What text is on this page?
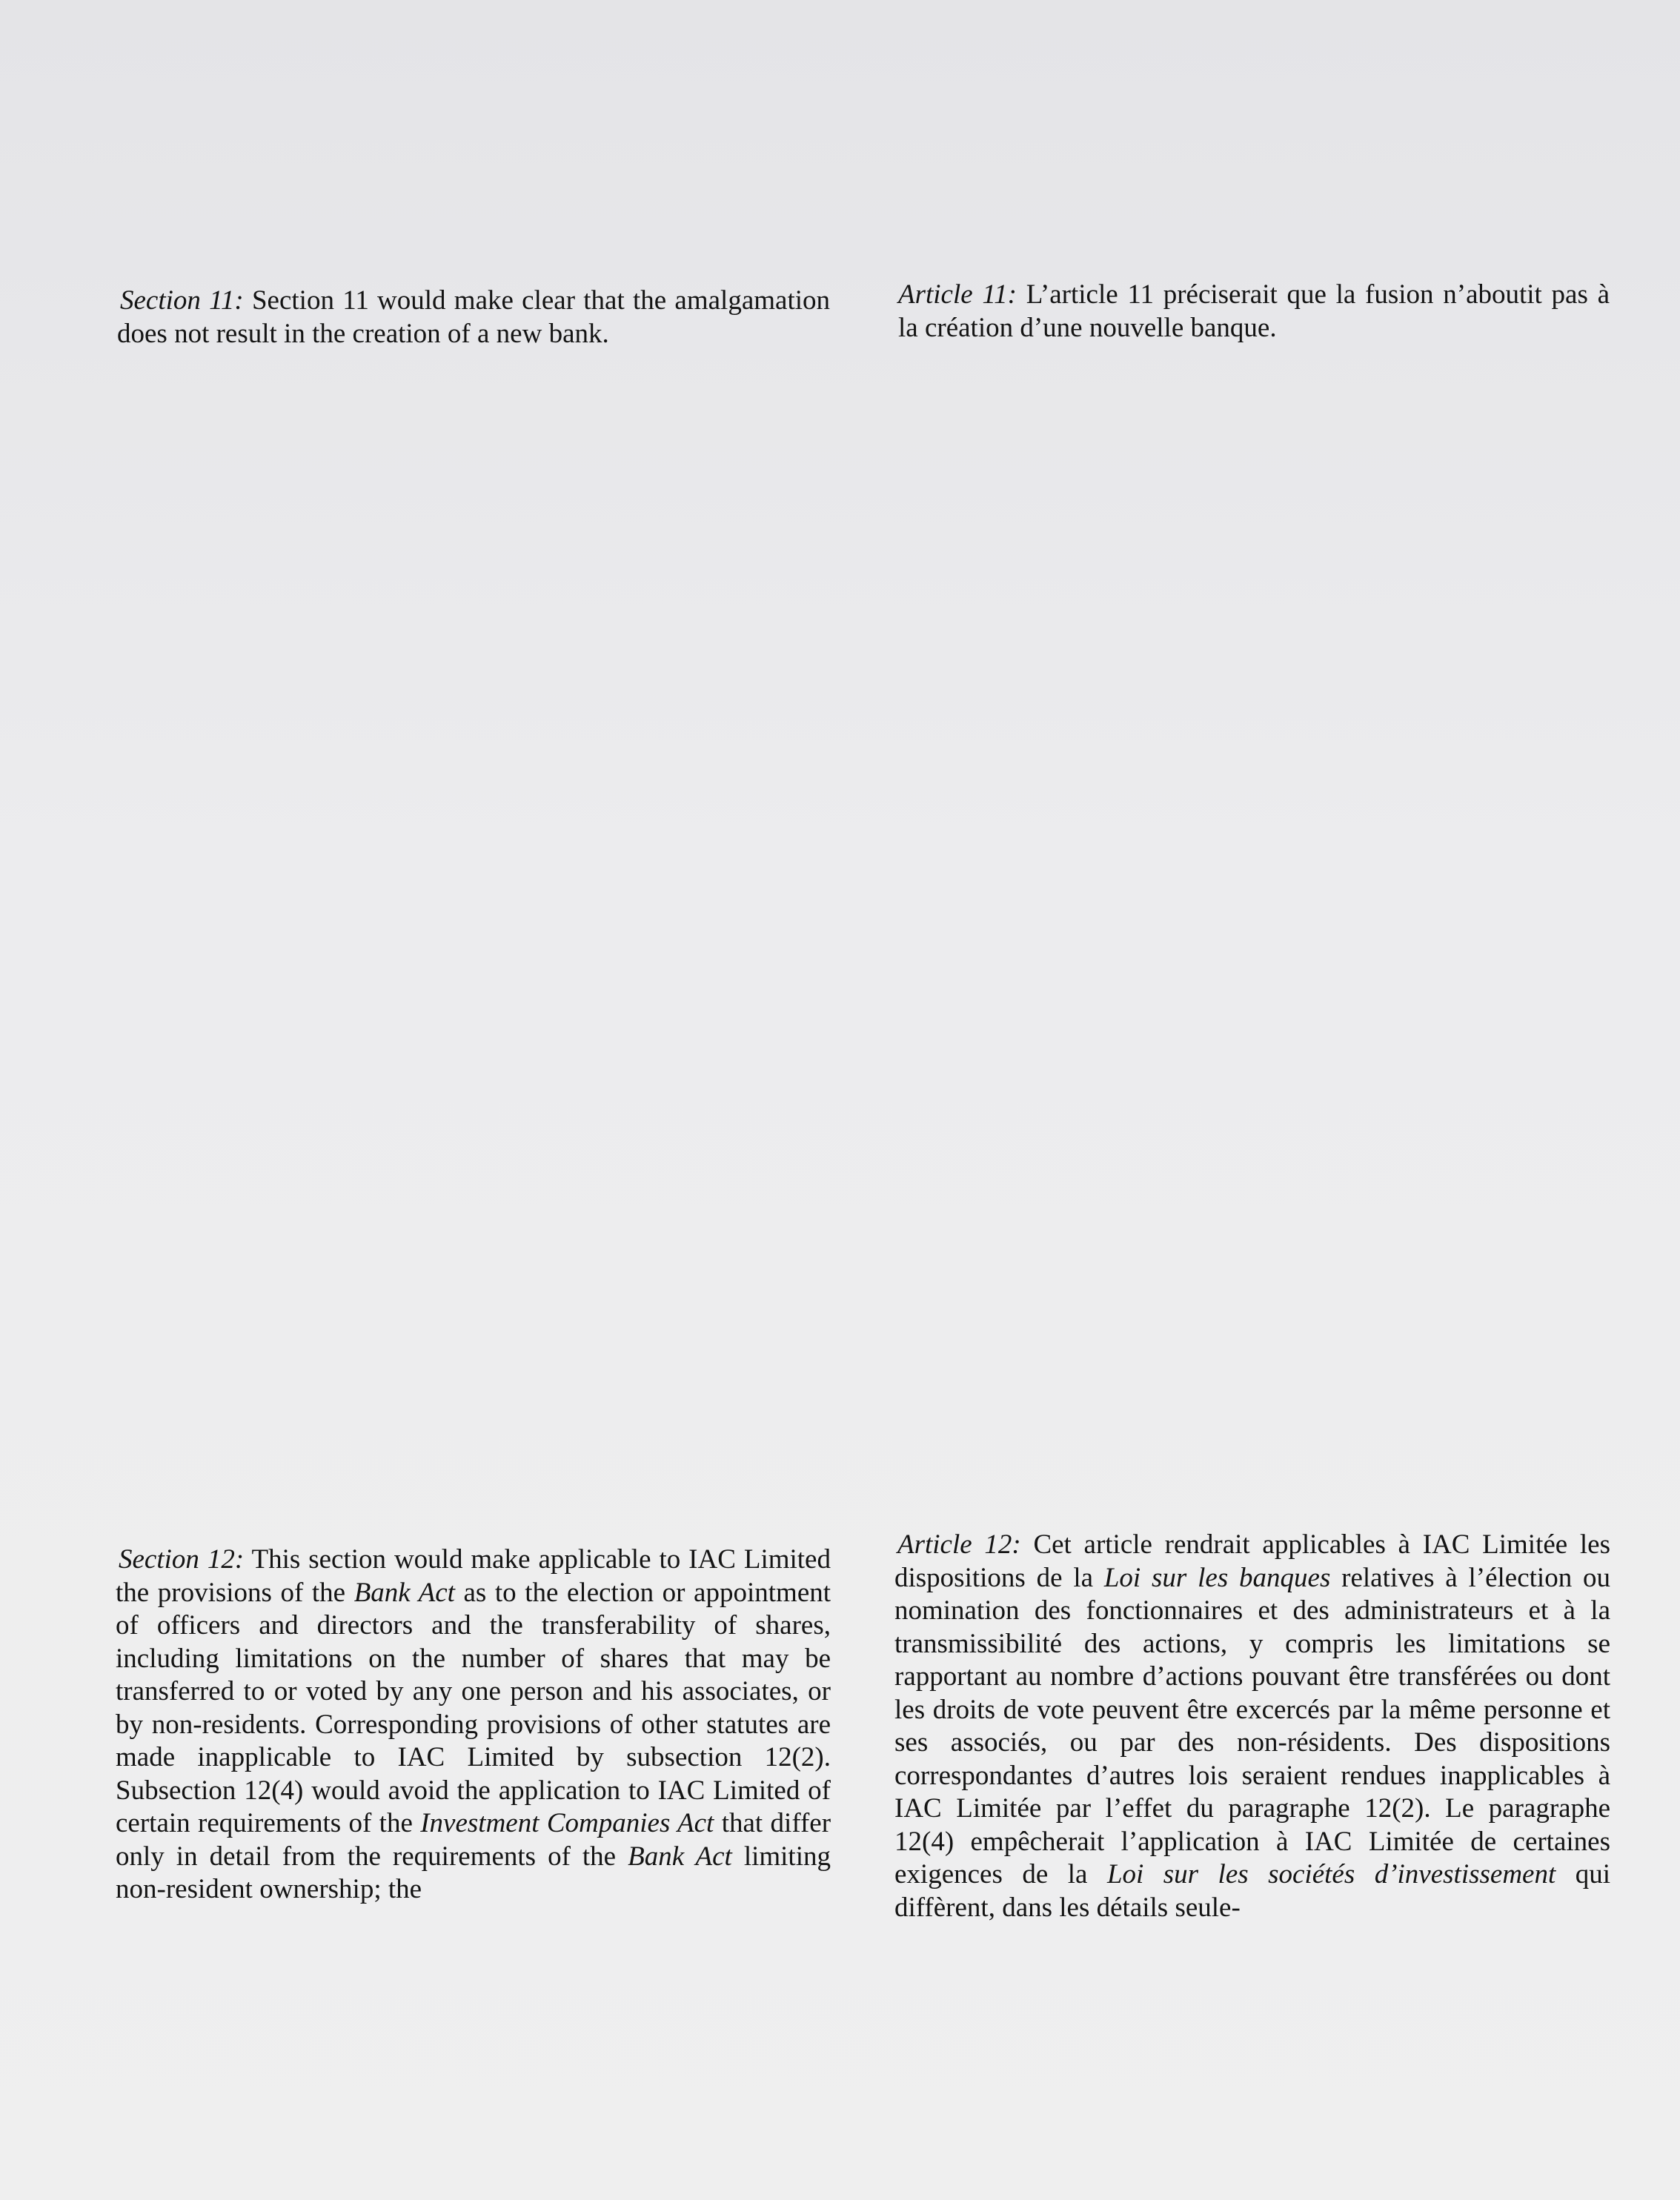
Section 11: Section 11 would make clear that the amalgamation does not result in the creation of a new bank.
Article 11: L’article 11 préciserait que la fusion n’aboutit pas à la création d’une nouvelle banque.
Section 12: This section would make applicable to IAC Limited the provisions of the Bank Act as to the election or appointment of officers and directors and the transferability of shares, including limitations on the number of shares that may be transferred to or voted by any one person and his associates, or by non-residents. Corresponding provisions of other statutes are made inapplicable to IAC Limited by subsection 12(2). Subsection 12(4) would avoid the application to IAC Limited of certain requirements of the Investment Companies Act that differ only in detail from the requirements of the Bank Act limiting non-resident ownership; the
Article 12: Cet article rendrait applicables à IAC Limitée les dispositions de la Loi sur les banques relatives à l’élection ou nomination des fonctionnaires et des administrateurs et à la transmissibilité des actions, y compris les limitations se rapportant au nombre d’actions pouvant être transférées ou dont les droits de vote peuvent être excercés par la même personne et ses associés, ou par des non-résidents. Des dispositions correspondantes d’autres lois seraient rendues inapplicables à IAC Limitée par l’effet du paragraphe 12(2). Le paragraphe 12(4) empêcherait l’application à IAC Limitée de certaines exigences de la Loi sur les sociétés d’investissement qui diffèrent, dans les détails seule-
